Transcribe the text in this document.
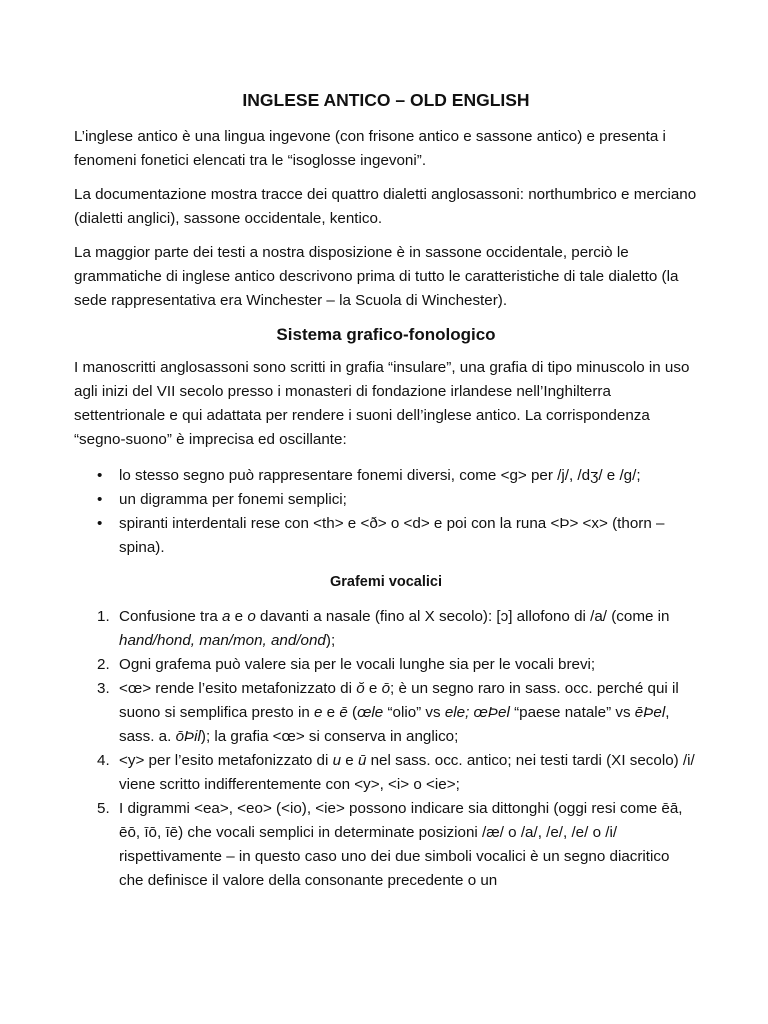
INGLESE ANTICO – OLD ENGLISH

L’inglese antico è una lingua ingevone (con frisone antico e sassone antico) e presenta i fenomeni fonetici elencati tra le “isoglosse ingevoni”.

La documentazione mostra tracce dei quattro dialetti anglosassoni: northumbrico e merciano (dialetti anglici), sassone occidentale, kentico.

La maggior parte dei testi a nostra disposizione è in sassone occidentale, perciò le grammatiche di inglese antico descrivono prima di tutto le caratteristiche di tale dialetto (la sede rappresentativa era Winchester – la Scuola di Winchester).

Sistema grafico-fonologico

I manoscritti anglosassoni sono scritti in grafia “insulare”, una grafia di tipo minuscolo in uso agli inizi del VII secolo presso i monasteri di fondazione irlandese nell’Inghilterra settentrionale e qui adattata per rendere i suoni dell’inglese antico. La corrispondenza “segno-suono” è imprecisa ed oscillante:

• lo stesso segno può rappresentare fonemi diversi, come <g> per /j/, /dʒ/ e /g/;
• un digramma per fonemi semplici;
• spiranti interdentali rese con <th> e <ð> o <d> e poi con la runa <Þ> <x> (thorn – spina).
Grafemi vocalici
1. Confusione tra a e o davanti a nasale (fino al X secolo): [ɔ] allofono di /a/ (come in hand/hond, man/mon, and/ond);
2. Ogni grafema può valere sia per le vocali lunghe sia per le vocali brevi;
3. <œ> rende l’esito metafonizzato di ŏ e ō; è un segno raro in sass. occ. perché qui il suono si semplifica presto in e e ē (œle “olio” vs ele; œÞel “paese natale” vs ēÞel, sass. a. ōÞil); la grafia <œ> si conserva in anglico;
4. <y> per l’esito metafonizzato di u e ū nel sass. occ. antico; nei testi tardi (XI secolo) /i/ viene scritto indifferentemente con <y>, <i> o <ie>;
5. I digrammi <ea>, <eo> (<io), <ie> possono indicare sia dittonghi (oggi resi come ēā, ēō, īō, īē) che vocali semplici in determinate posizioni /æ/ o /a/, /e/, /e/ o /i/ rispettivamente – in questo caso uno dei due simboli vocalici è un segno diacritico che definisce il valore della consonante precedente o un
